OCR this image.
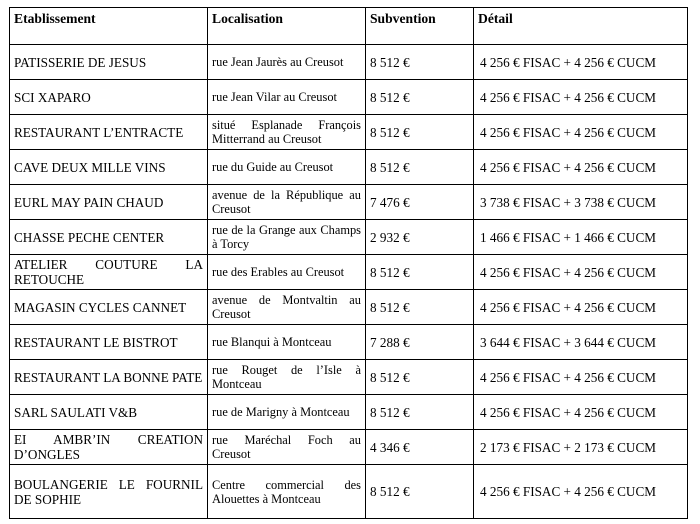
Etablissement	Localisation	Subvention	Détail
PATISSERIE DE JESUS	rue Jean Jaurès au Creusot	8 512 €	4 256 € FISAC + 4 256 € CUCM
SCI XAPARO	rue Jean Vilar au Creusot	8 512 €	4 256 € FISAC + 4 256 € CUCM
RESTAURANT L’ENTRACTE	situé Esplanade François Mitterrand au Creusot	8 512 €	4 256 € FISAC + 4 256 € CUCM
CAVE DEUX MILLE VINS	rue du Guide au Creusot	8 512 €	4 256 € FISAC + 4 256 € CUCM
EURL MAY PAIN CHAUD	avenue de la République au Creusot	7 476 €	3 738 € FISAC + 3 738 € CUCM
CHASSE PECHE CENTER	rue de la Grange aux Champs à Torcy	2 932 €	1 466 € FISAC + 1 466 € CUCM
ATELIER COUTURE LA RETOUCHE	rue des Erables au Creusot	8 512 €	4 256 € FISAC + 4 256 € CUCM
MAGASIN CYCLES CANNET	avenue de Montvaltin au Creusot	8 512 €	4 256 € FISAC + 4 256 € CUCM
RESTAURANT LE BISTROT	rue Blanqui à Montceau	7 288 €	3 644 € FISAC + 3 644 € CUCM
RESTAURANT LA BONNE PATE	rue Rouget de l’Isle à Montceau	8 512 €	4 256 € FISAC + 4 256 € CUCM
SARL SAULATI V&B	rue de Marigny à Montceau	8 512 €	4 256 € FISAC + 4 256 € CUCM
EI AMBR’IN CREATION D’ONGLES	rue Maréchal Foch au Creusot	4 346 €	2 173 € FISAC + 2 173 € CUCM
BOULANGERIE LE FOURNIL DE SOPHIE	Centre commercial des Alouettes à Montceau	8 512 €	4 256 € FISAC + 4 256 € CUCM
